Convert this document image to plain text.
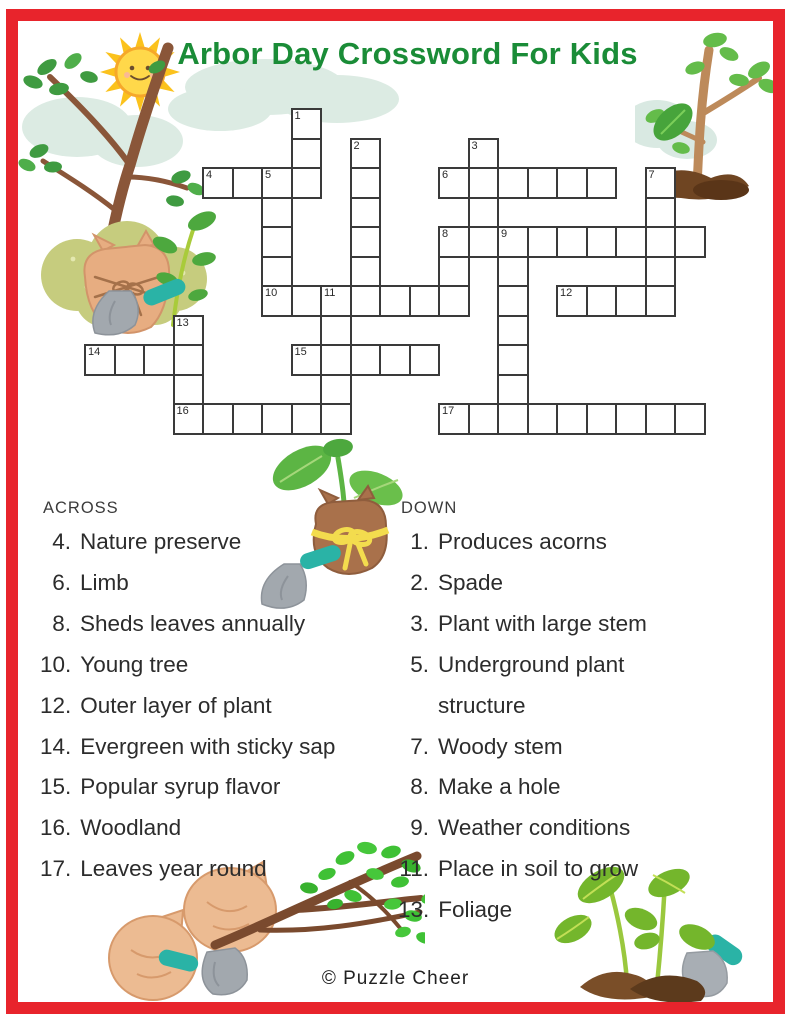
Arbor Day Crossword For Kids
1
2	3
4	5
10
6	7
8	9
11	12
13
16
14	15
17
ACROSS
4. Nature preserve
6. Limb
8. Sheds leaves annually
10. Young tree
12. Outer layer of plant
14. Evergreen with sticky sap
15. Popular syrup flavor
16. Woodland
17. Leaves year round
DOWN
1. Produces acorns
2. Spade
3. Plant with large stem
5. Underground plant structure
7. Woody stem
8. Make a hole
9. Weather conditions
11. Place in soil to grow
13. Foliage
© Puzzle Cheer
